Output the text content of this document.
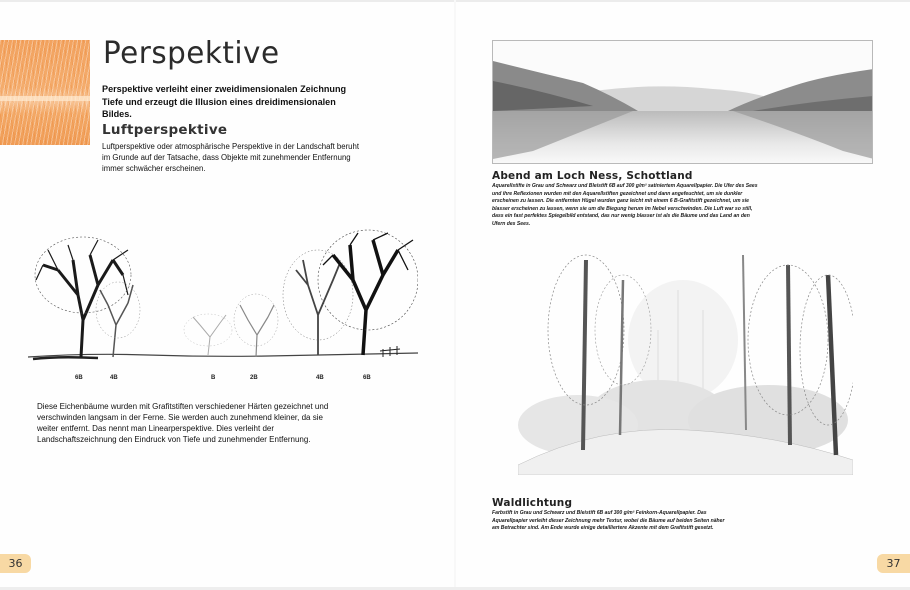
Perspektive

Perspektive verleiht einer zweidimensionalen Zeichnung Tiefe und erzeugt die Illusion eines dreidimensionalen Bildes.

Luftperspektive

Luftperspektive oder atmosphärische Perspektive in der Landschaft beruht im Grunde auf der Tatsache, dass Objekte mit zunehmender Entfernung immer schwächer erscheinen.

6B	4B	B	2B	4B	6B

Diese Eichenbäume wurden mit Grafitstiften verschiedener Härten gezeichnet und verschwinden langsam in der Ferne. Sie werden auch zunehmend kleiner, da sie weiter entfernt. Das nennt man Linearperspektive. Dies verleiht der Landschaftszeichnung den Eindruck von Tiefe und zunehmender Entfernung.

36
Abend am Loch Ness, Schottland

Aquarellstifte in Grau und Schwarz und Bleistift 6B auf 300 g/m² satiniertem Aquarellpapier. Die Ufer des Sees und ihre Reflexionen wurden mit den Aquarellstiften gezeichnet und dann angefeuchtet, um sie dunkler erscheinen zu lassen. Die entfernten Hügel wurden ganz leicht mit einem 6 B-Grafitstift gezeichnet, um sie blasser erscheinen zu lassen, wenn sie um die Biegung herum im Nebel verschwinden. Die Luft war so still, dass ein fast perfektes Spiegelbild entstand, das nur wenig blasser ist als die Bäume und das Land an den Ufern des Sees.

Waldlichtung

Farbstift in Grau und Schwarz und Bleistift 6B auf 300 g/m² Feinkorn-Aquarellpapier. Das Aquarellpapier verleiht dieser Zeichnung mehr Textur, wobei die Bäume auf beiden Seiten näher am Betrachter sind. Am Ende wurde einige detailliertere Akzente mit dem Grafitstift gesetzt.

37
